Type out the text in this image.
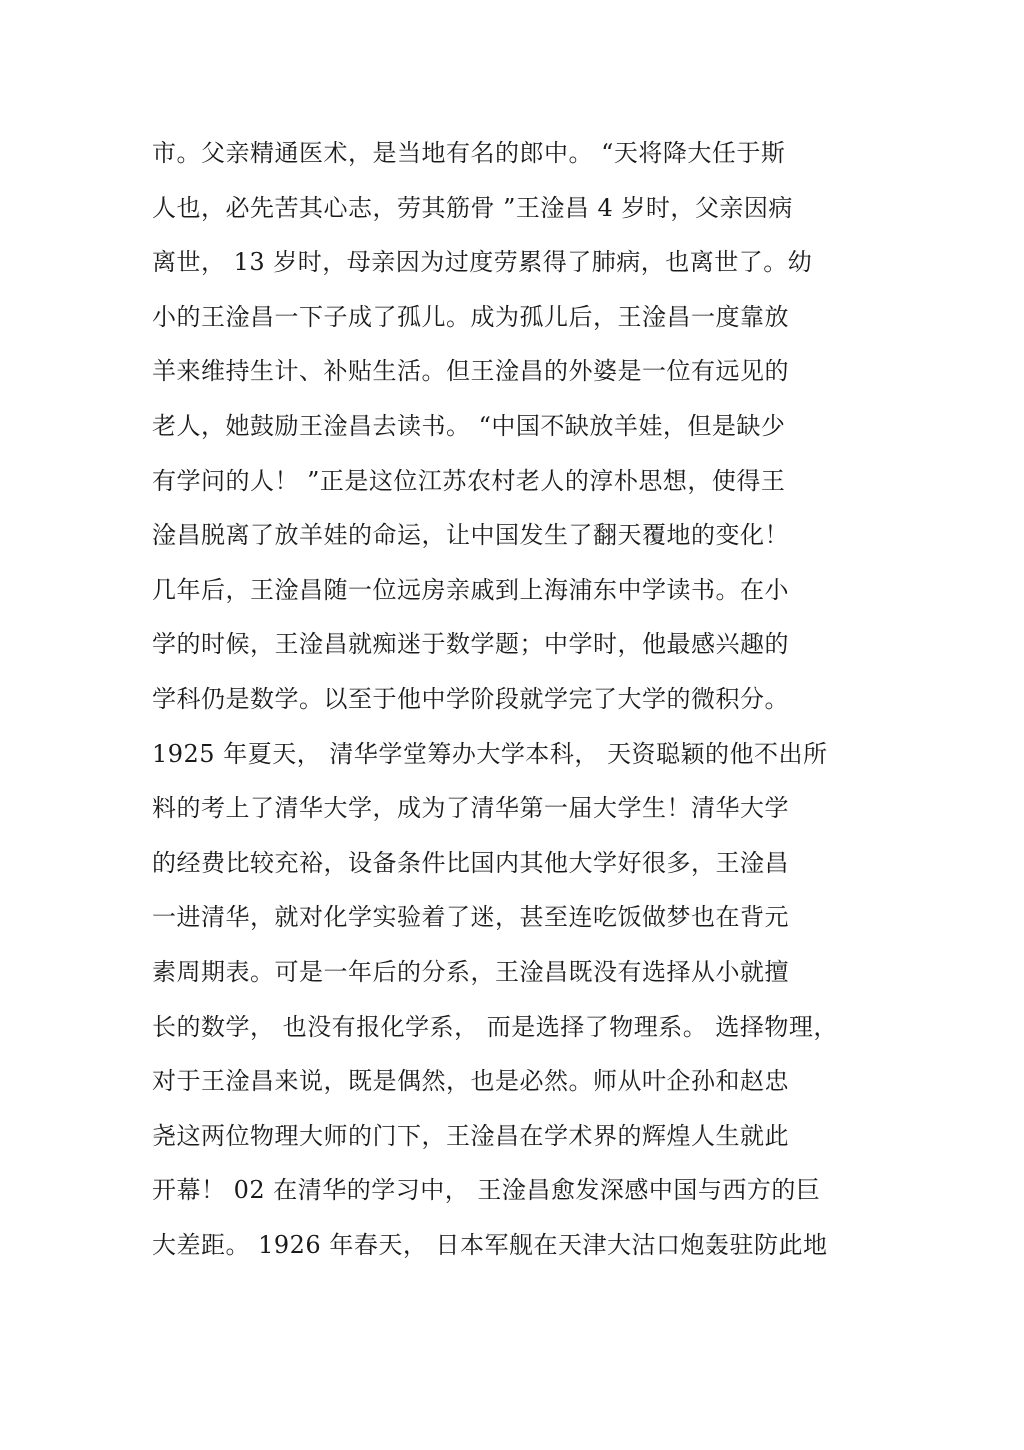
市。父亲精通医术，是当地有名的郎中。 “天将降大任于斯
人也，必先苦其心志，劳其筋骨 ”王淦昌 4 岁时，父亲因病
离世， 13 岁时，母亲因为过度劳累得了肺病，也离世了。幼
小的王淦昌一下子成了孤儿。成为孤儿后，王淦昌一度靠放
羊来维持生计、补贴生活。但王淦昌的外婆是一位有远见的
老人，她鼓励王淦昌去读书。 “中国不缺放羊娃，但是缺少
有学问的人！ ”正是这位江苏农村老人的淳朴思想，使得王
淦昌脱离了放羊娃的命运，让中国发生了翻天覆地的变化！
几年后，王淦昌随一位远房亲戚到上海浦东中学读书。在小
学的时候，王淦昌就痴迷于数学题；中学时，他最感兴趣的
学科仍是数学。以至于他中学阶段就学完了大学的微积分。
1925 年夏天， 清华学堂筹办大学本科， 天资聪颖的他不出所
料的考上了清华大学，成为了清华第一届大学生！清华大学
的经费比较充裕，设备条件比国内其他大学好很多，王淦昌
一进清华，就对化学实验着了迷，甚至连吃饭做梦也在背元
素周期表。可是一年后的分系，王淦昌既没有选择从小就擅
长的数学， 也没有报化学系， 而是选择了物理系。 选择物理，
对于王淦昌来说，既是偶然，也是必然。师从叶企孙和赵忠
尧这两位物理大师的门下，王淦昌在学术界的辉煌人生就此
开幕！ 02 在清华的学习中， 王淦昌愈发深感中国与西方的巨
大差距。 1926 年春天， 日本军舰在天津大沽口炮轰驻防此地
